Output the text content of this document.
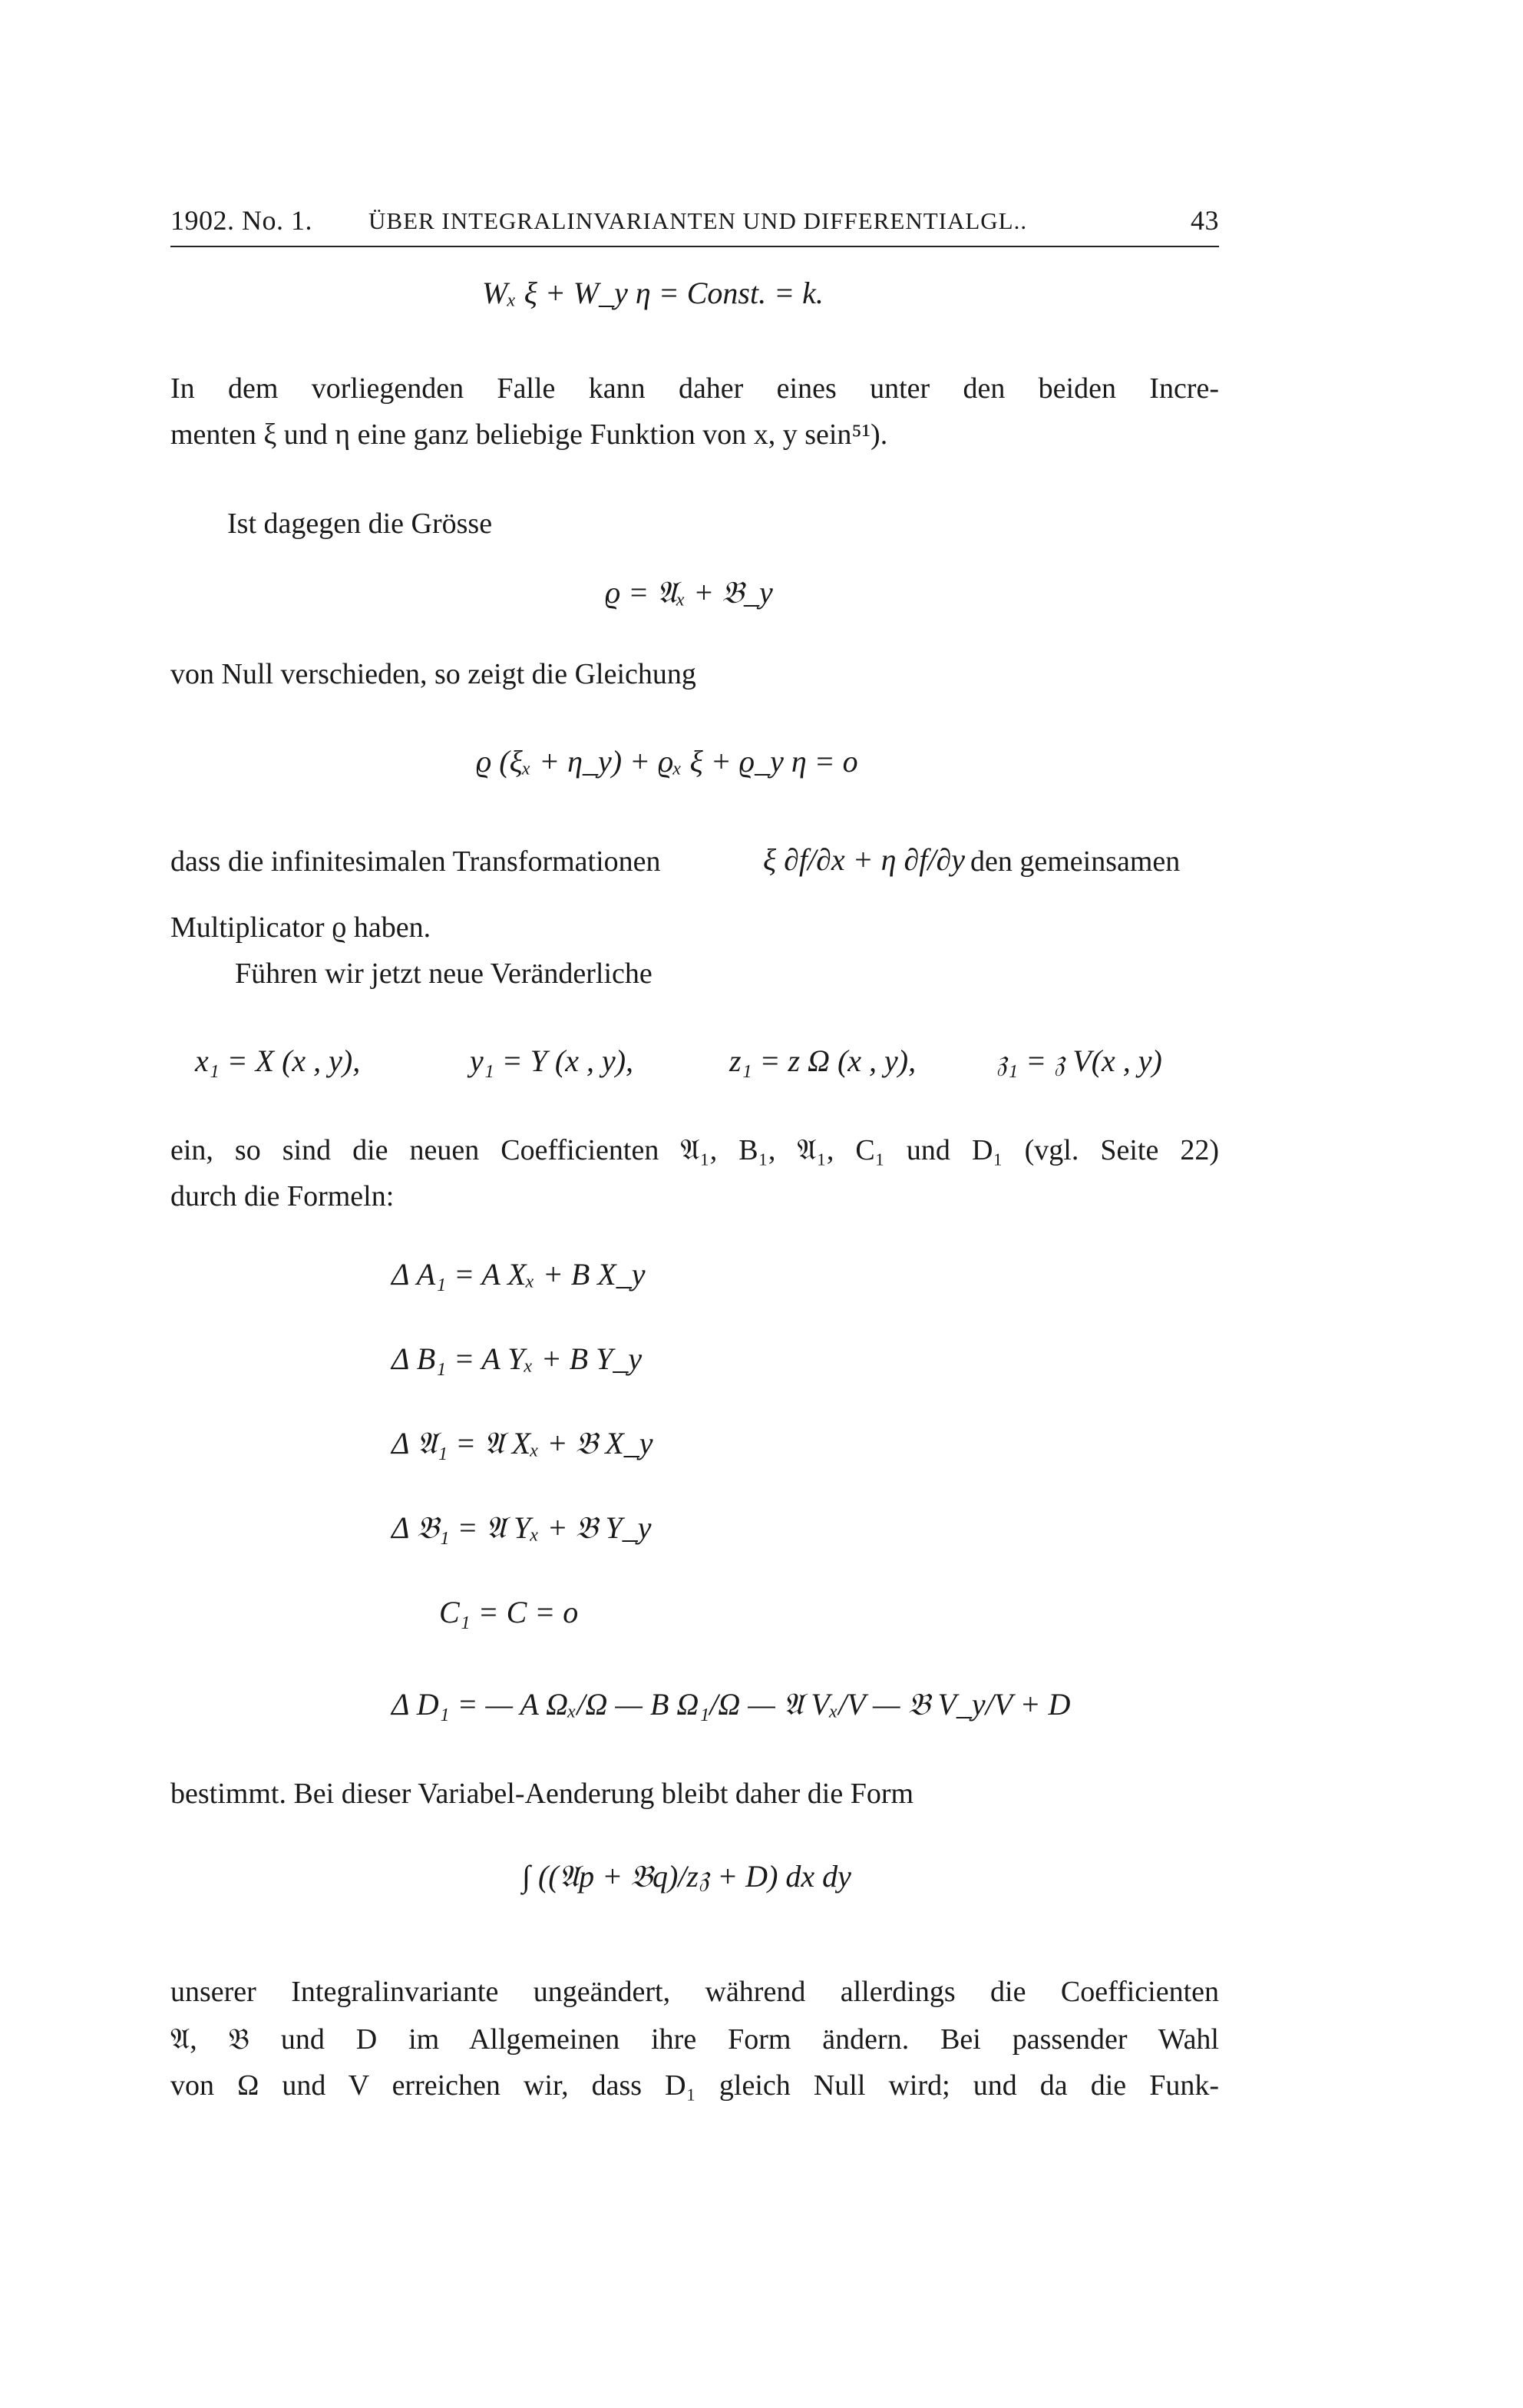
1902. No. 1. ÜBER INTEGRALINVARIANTEN UND DIFFERENTIALGL..	43
Wₓ ξ + W_y η = Const. = k.
In dem vorliegenden Falle kann daher eines unter den beiden Incre-
menten ξ und η eine ganz beliebige Funktion von x, y sein⁵¹).
Ist dagegen die Grösse
ϱ = 𝔄ₓ + 𝔅_y
von Null verschieden, so zeigt die Gleichung
ϱ (ξₓ + η_y) + ϱₓ ξ + ϱ_y η = o
dass die infinitesimalen Transformationen	ξ ∂f/∂x + η ∂f/∂y den gemeinsamen
Multiplicator ϱ haben.
Führen wir jetzt neue Veränderliche
x₁ = X (x , y),	y₁ = Y (x , y),	z₁ = z Ω (x , y),	𝔷₁ = 𝔷 V(x , y)
ein, so sind die neuen Coefficienten 𝔄₁, B₁, 𝔄₁, C₁ und D₁ (vgl. Seite 22)
durch die Formeln:
Δ A₁ = A Xₓ + B X_y
Δ B₁ = A Yₓ + B Y_y
Δ 𝔄₁ = 𝔄 Xₓ + 𝔅 X_y
Δ 𝔅₁ = 𝔄 Yₓ + 𝔅 Y_y
C₁ = C = o
Δ D₁ = — A Ωₓ/Ω — B Ω₁/Ω — 𝔄 Vₓ/V — 𝔅 V_y/V + D
bestimmt. Bei dieser Variabel-Aenderung bleibt daher die Form
∫ ((𝔄p + 𝔅q)/z𝔷 + D) dx dy
unserer Integralinvariante ungeändert, während allerdings die Coefficienten
𝔄, 𝔅 und D im Allgemeinen ihre Form ändern. Bei passender Wahl
von Ω und V erreichen wir, dass D₁ gleich Null wird; und da die Funk-
